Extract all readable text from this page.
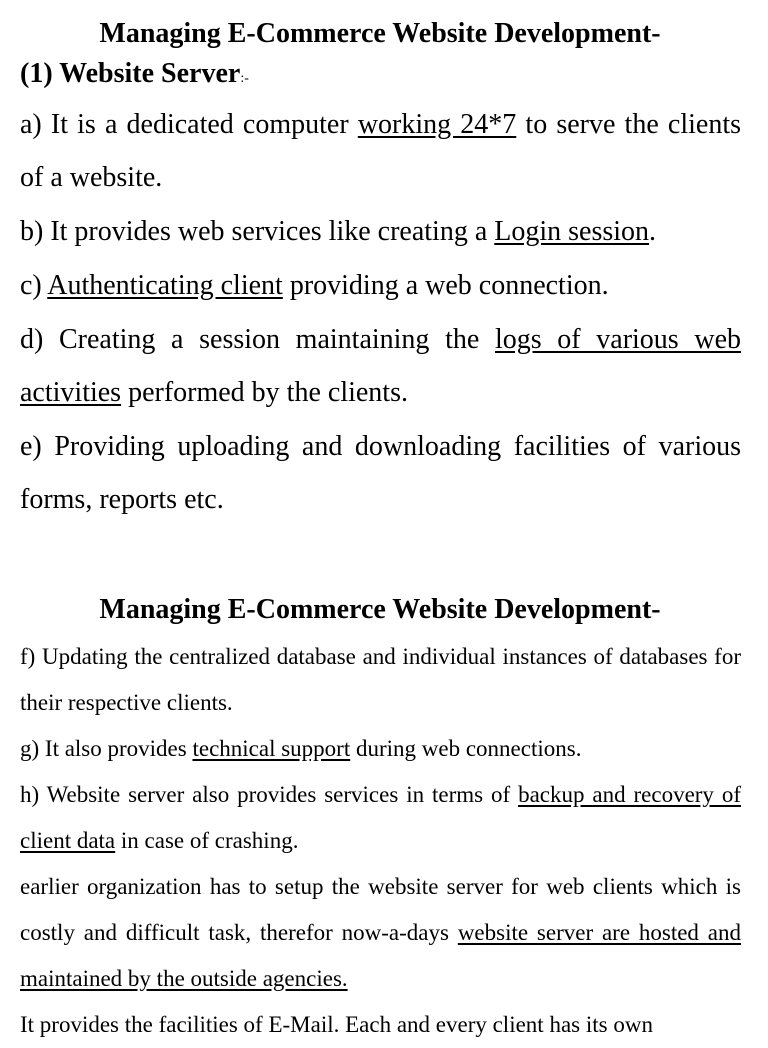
Managing E-Commerce Website Development-
(1) Website Server:-
a) It is a dedicated computer working 24*7 to serve the clients of a website.
b) It provides web services like creating a Login session.
c) Authenticating client providing a web connection.
d) Creating a session maintaining the logs of various web activities performed by the clients.
e) Providing uploading and downloading facilities of various forms, reports etc.
Managing E-Commerce Website Development-
f) Updating the centralized database and individual instances of databases for their respective clients.
g) It also provides technical support during web connections.
h) Website server also provides services in terms of backup and recovery of client data in case of crashing.
earlier organization has to setup the website server for web clients which is costly and difficult task, therefor now-a-days website server are hosted and maintained by the outside agencies.
It provides the facilities of E-Mail. Each and every client has its own
